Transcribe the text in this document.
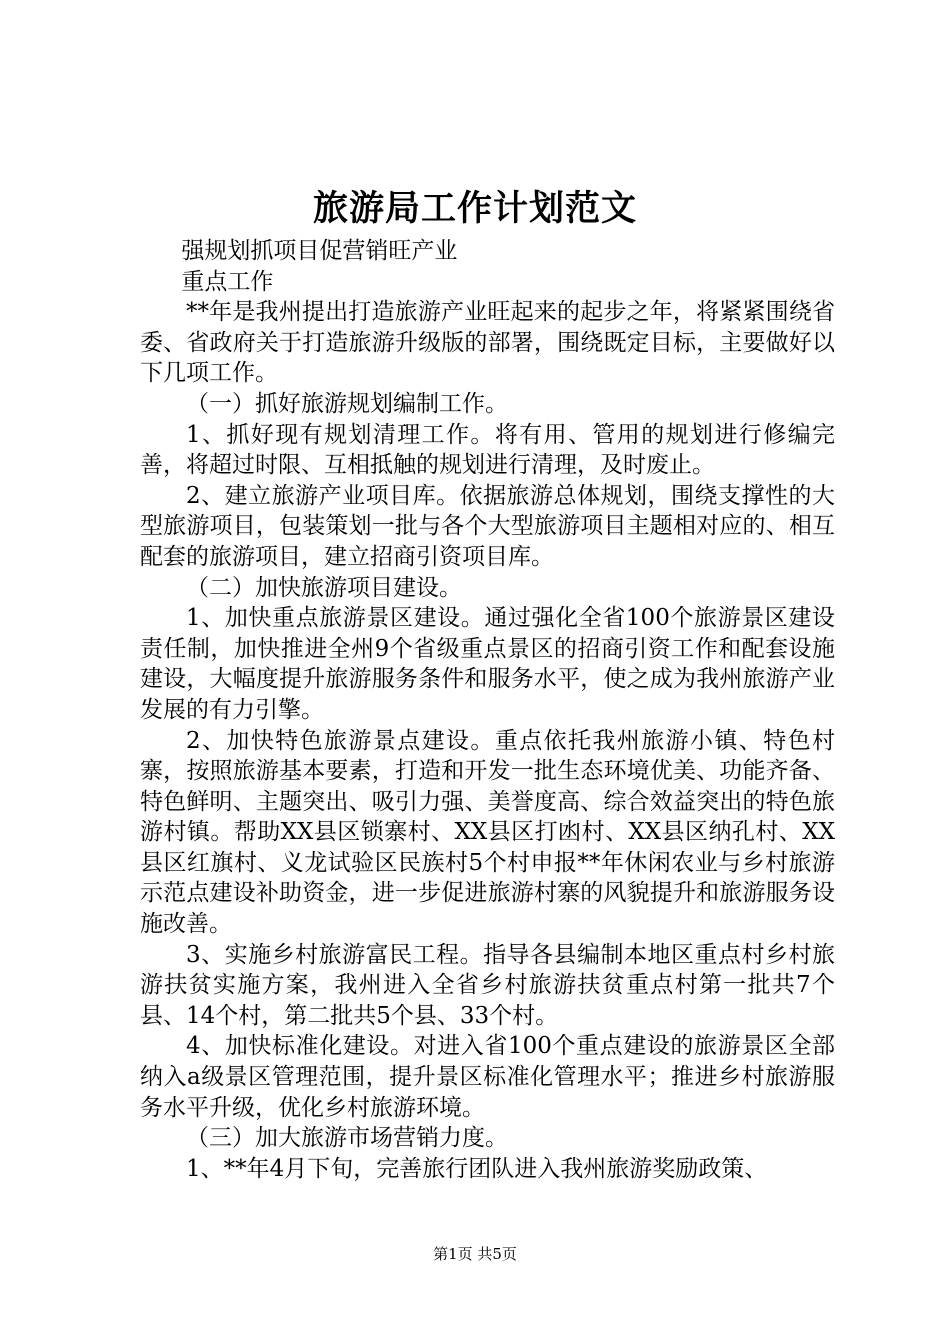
旅游局工作计划范文

强规划抓项目促营销旺产业

重点工作

**年是我州提出打造旅游产业旺起来的起步之年，将紧紧围绕省委、省政府关于打造旅游升级版的部署，围绕既定目标，主要做好以下几项工作。

（一）抓好旅游规划编制工作。

1、抓好现有规划清理工作。将有用、管用的规划进行修编完善，将超过时限、互相抵触的规划进行清理，及时废止。

2、建立旅游产业项目库。依据旅游总体规划，围绕支撑性的大型旅游项目，包装策划一批与各个大型旅游项目主题相对应的、相互配套的旅游项目，建立招商引资项目库。

（二）加快旅游项目建设。

1、加快重点旅游景区建设。通过强化全省100个旅游景区建设责任制，加快推进全州9个省级重点景区的招商引资工作和配套设施建设，大幅度提升旅游服务条件和服务水平，使之成为我州旅游产业发展的有力引擎。

2、加快特色旅游景点建设。重点依托我州旅游小镇、特色村寨，按照旅游基本要素，打造和开发一批生态环境优美、功能齐备、特色鲜明、主题突出、吸引力强、美誉度高、综合效益突出的特色旅游村镇。帮助XX县区锁寨村、XX县区打凼村、XX县区纳孔村、XX县区红旗村、义龙试验区民族村5个村申报**年休闲农业与乡村旅游示范点建设补助资金，进一步促进旅游村寨的风貌提升和旅游服务设施改善。

3、实施乡村旅游富民工程。指导各县编制本地区重点村乡村旅游扶贫实施方案，我州进入全省乡村旅游扶贫重点村第一批共7个县、14个村，第二批共5个县、33个村。

4、加快标准化建设。对进入省100个重点建设的旅游景区全部纳入a级景区管理范围，提升景区标准化管理水平；推进乡村旅游服务水平升级，优化乡村旅游环境。

（三）加大旅游市场营销力度。

1、**年4月下旬，完善旅行团队进入我州旅游奖励政策、

第1页 共5页
